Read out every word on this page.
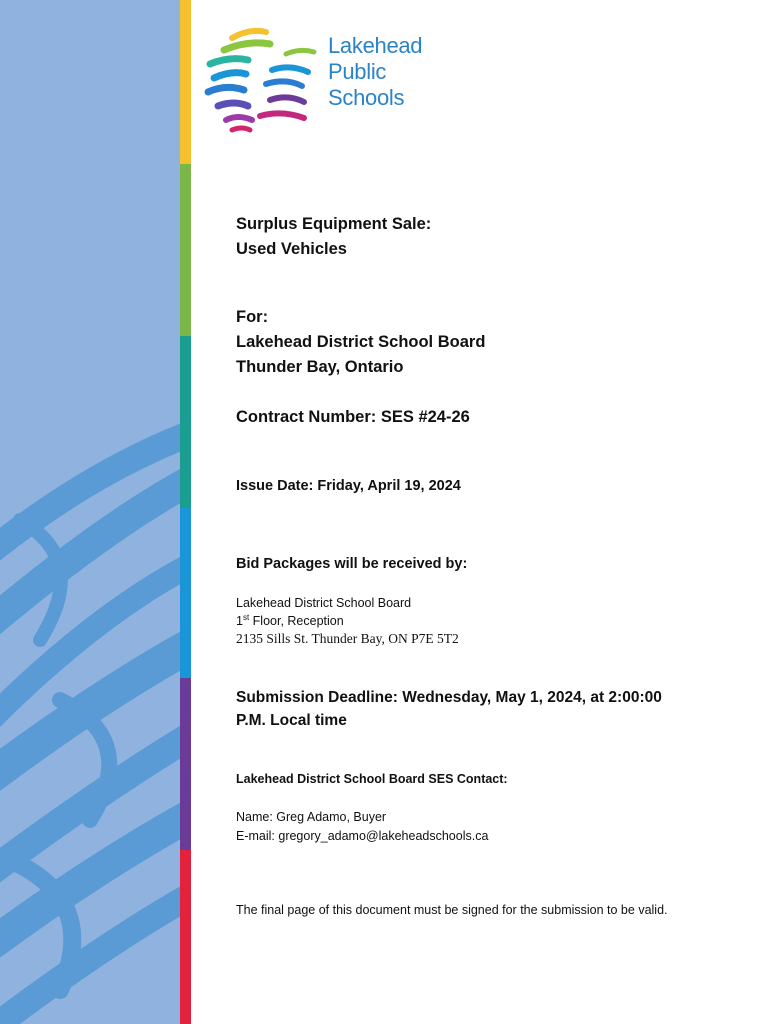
Lakehead
Public
Schools
Surplus Equipment Sale:
Used Vehicles
For:
Lakehead District School Board
Thunder Bay, Ontario
Contract Number: SES #24-26
Issue Date: Friday, April 19, 2024
Bid Packages will be received by:
Lakehead District School Board
1st Floor, Reception
2135 Sills St. Thunder Bay, ON P7E 5T2
Submission Deadline: Wednesday, May 1, 2024, at 2:00:00
P.M. Local time
Lakehead District School Board SES Contact:
Name: Greg Adamo, Buyer
E-mail: gregory_adamo@lakeheadschools.ca
The final page of this document must be signed for the submission to be valid.
